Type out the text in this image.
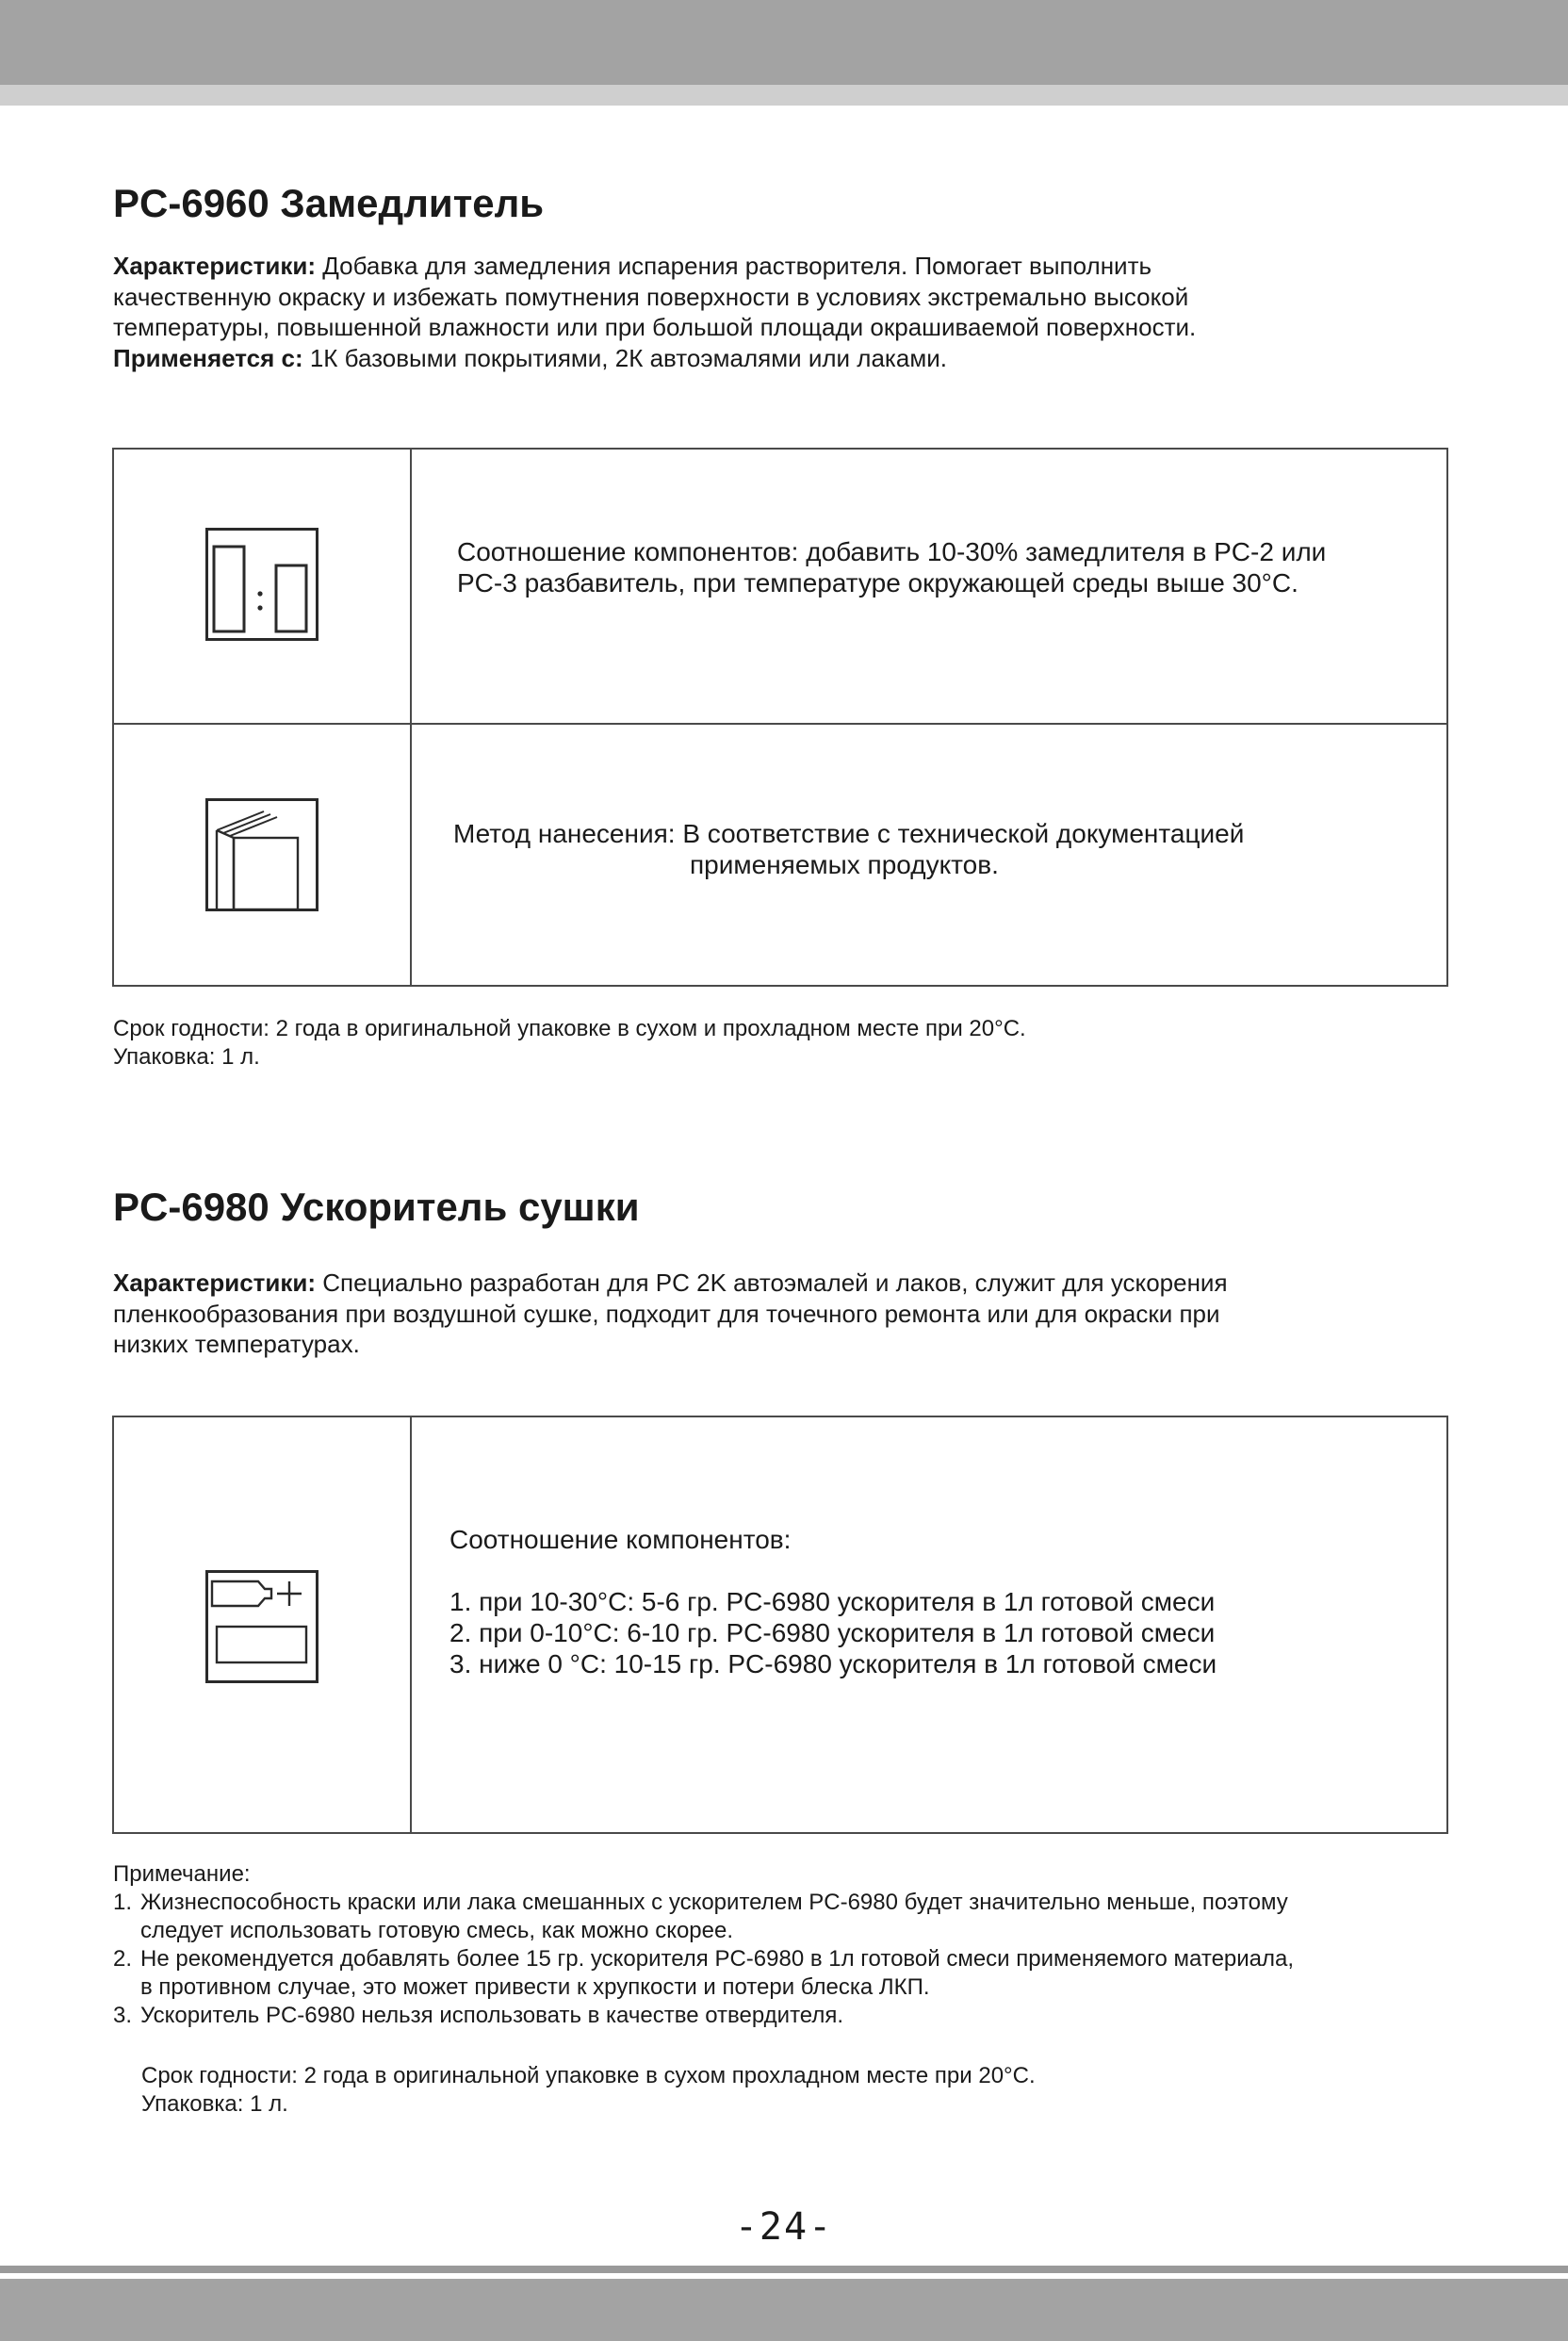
PC-6960 Замедлитель

Характеристики: Добавка для замедления испарения растворителя. Помогает выполнить
качественную окраску и избежать помутнения поверхности в условиях экстремально высокой
температуры, повышенной влажности или при большой площади окрашиваемой поверхности.
Применяется с: 1К базовыми покрытиями, 2К автоэмалями или лаками.

Соотношение компонентов: добавить 10-30% замедлителя в PC-2 или
PC-3 разбавитель, при температуре окружающей среды выше 30°C.
Метод нанесения: В соответствие с технической документацией
применяемых продуктов.

Срок годности: 2 года в оригинальной упаковке в сухом и прохладном месте при 20°C.

Упаковка: 1 л.

PC-6980 Ускоритель сушки

Характеристики: Специально разработан для PC 2K автоэмалей и лаков, служит для ускорения
пленкообразования при воздушной сушке, подходит для точечного ремонта или для окраски при
низких температурах.

Соотношение компонентов:
1. при 10-30°C: 5-6 гр. PC-6980 ускорителя в 1л готовой смеси
2. при 0-10°C: 6-10 гр. PC-6980 ускорителя в 1л готовой смеси
3. ниже 0 °C: 10-15 гр. PC-6980 ускорителя в 1л готовой смеси
Примечание:
1. Жизнеспособность краски или лака смешанных с ускорителем PC-6980 будет значительно меньше, поэтому
следует использовать готовую смесь, как можно скорее.
2. Не рекомендуется добавлять более 15 гр. ускорителя PC-6980 в 1л готовой смеси применяемого материала,
в противном случае, это может привести к хрупкости и потери блеска ЛКП.
3. Ускоритель PC-6980 нельзя использовать в качестве отвердителя.

Срок годности: 2 года в оригинальной упаковке в сухом прохладном месте при 20°C.

Упаковка: 1 л.

-24-
